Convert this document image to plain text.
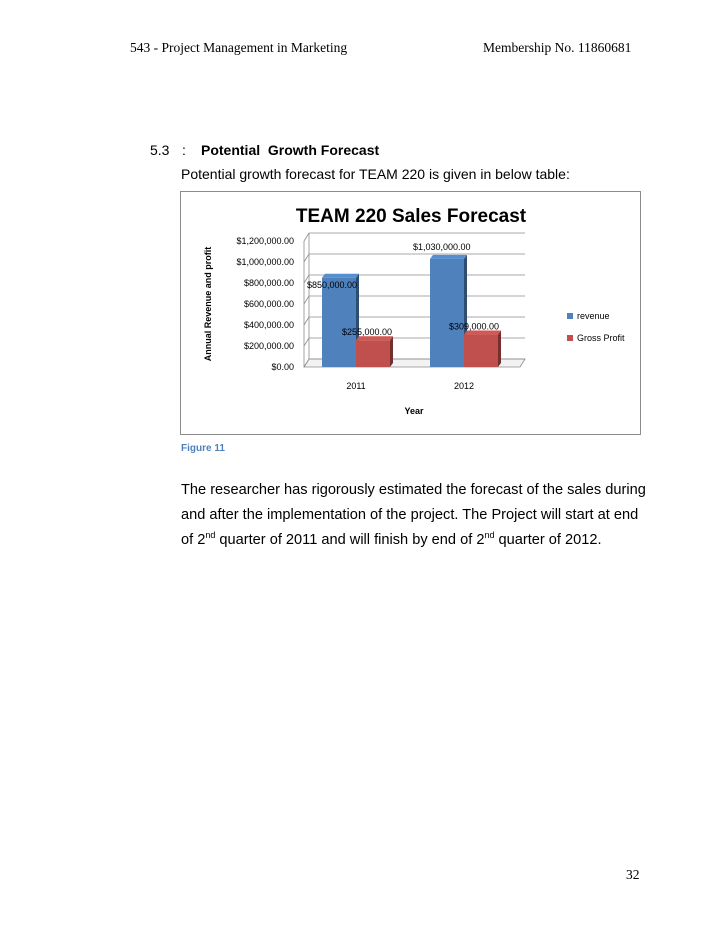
543 - Project Management in Marketing	Membership No. 11860681
5.3 : Potential  Growth Forecast
Potential growth forecast for TEAM 220 is given in below table:
TEAM 220 Sales Forecast
$0.00
$200,000.00
$400,000.00
$600,000.00
$800,000.00
$1,000,000.00
$1,200,000.00
Annual Revenue and profit
Year
2011
$850,000.00
$255,000.00
2012
$1,030,000.00
$309,000.00
revenue
Gross Profit
Figure 11

The researcher has rigorously estimated the forecast of the sales during

and after the implementation of the project. The Project will start at end

of 2nd quarter of 2011 and will finish by end of 2nd quarter of 2012.

32
